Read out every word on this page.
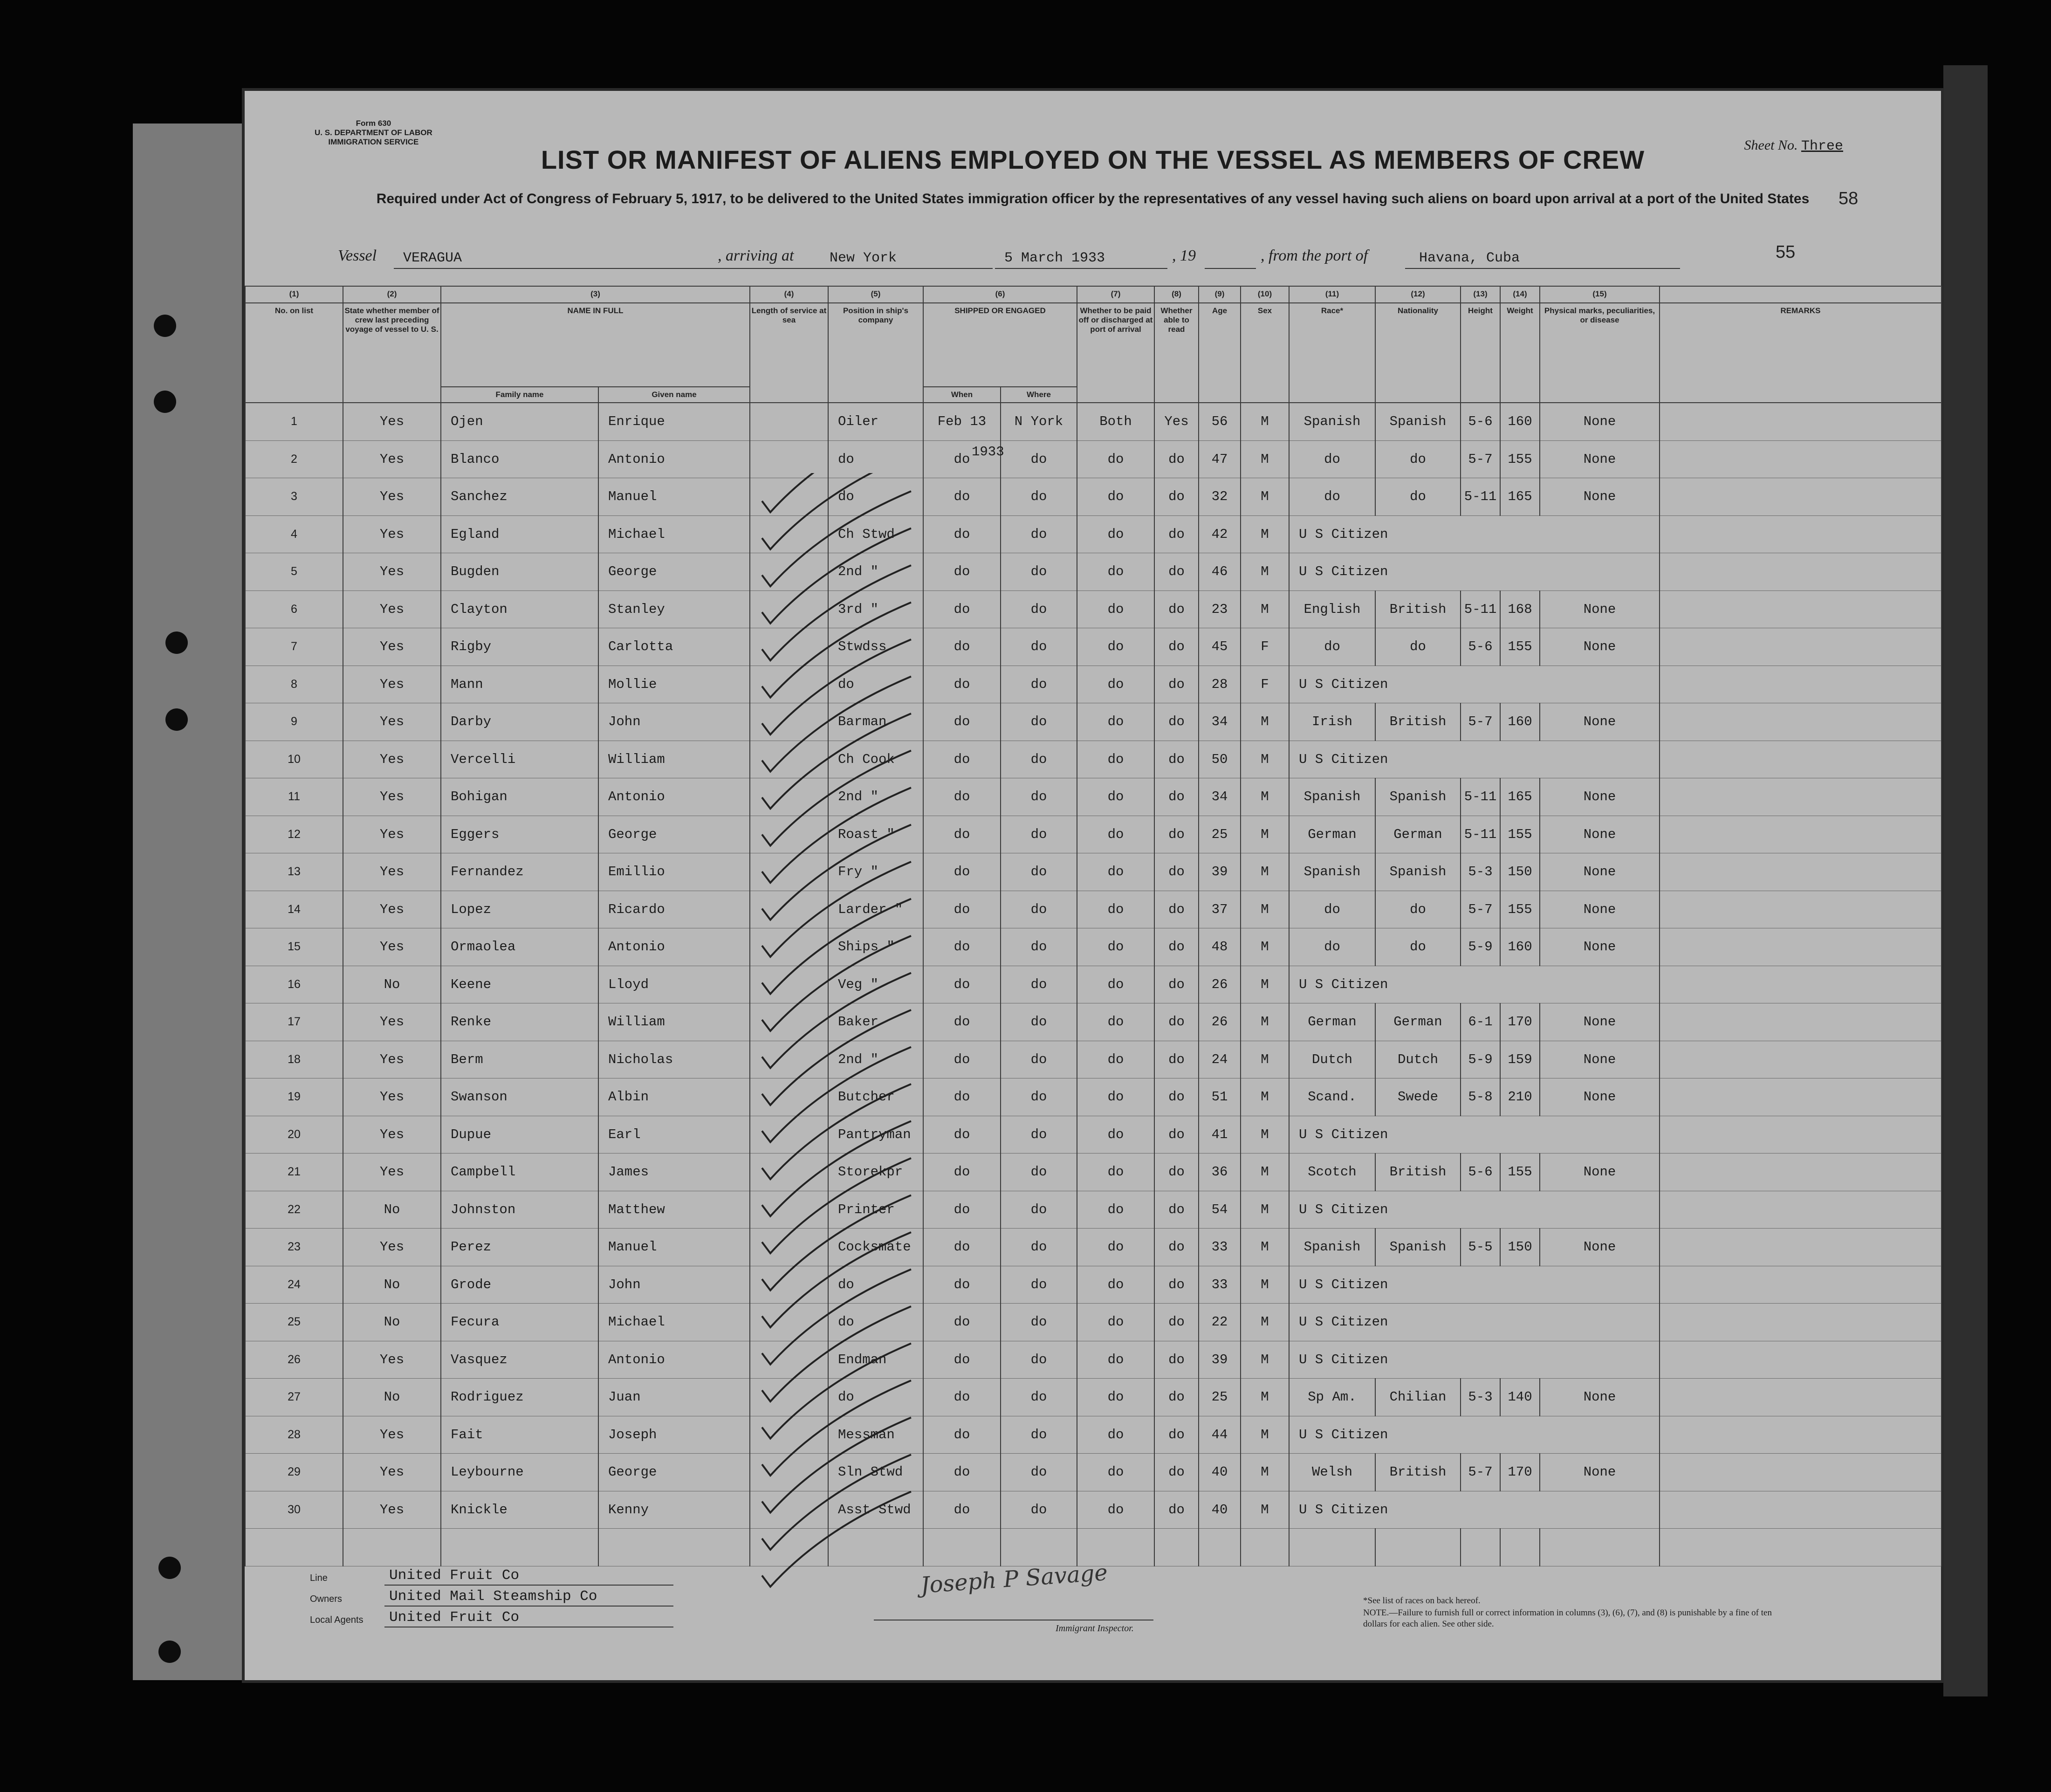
Form 630
U. S. DEPARTMENT OF LABOR
IMMIGRATION SERVICE	Sheet No. Three
58
55
LIST OR MANIFEST OF ALIENS EMPLOYED ON THE VESSEL AS MEMBERS OF CREW
Required under Act of Congress of February 5, 1917, to be delivered to the United States immigration officer by the representatives of any vessel having such aliens on board upon arrival at a port of the United States
Vessel VERAGUA	, arriving at	New York	5 March 1933	, 19	, from the port of	Havana, Cuba
(1)	(2)	(3)		(4)	(5)	(6)		(7)	(8)	(9)	(10)	(11)	(12)	(13)	(14)	(15)	
No. on list	State whether member of crew last preceding voyage of vessel to U. S.	NAME IN FULL		Length of service at sea	Position in ship's company	SHIPPED OR ENGAGED		Whether to be paid off or discharged at port of arrival	Whether able to read	Age	Sex	Race*	Nationality	Height	Weight	Physical marks, peculiarities, or disease	REMARKS
		Family name	Given name			When	Where										
1	Yes	Ojen	Enrique		Oiler	Feb 13	N York	Both	Yes	56	M	Spanish	Spanish	5-6	160	None	
2	Yes	Blanco	Antonio		do	do	do	do	do	47	M	do	do	5-7	155	None	
3	Yes	Sanchez	Manuel		do	do	do	do	do	32	M	do	do	5-11	165	None	
4	Yes	Egland	Michael		Ch Stwd	do	do	do	do	42	M	U S Citizen					
5	Yes	Bugden	George		2nd "	do	do	do	do	46	M	U S Citizen					
6	Yes	Clayton	Stanley		3rd "	do	do	do	do	23	M	English	British	5-11	168	None	
7	Yes	Rigby	Carlotta		Stwdss	do	do	do	do	45	F	do	do	5-6	155	None	
8	Yes	Mann	Mollie		do	do	do	do	do	28	F	U S Citizen					
9	Yes	Darby	John		Barman	do	do	do	do	34	M	Irish	British	5-7	160	None	
10	Yes	Vercelli	William		Ch Cook	do	do	do	do	50	M	U S Citizen					
11	Yes	Bohigan	Antonio		2nd "	do	do	do	do	34	M	Spanish	Spanish	5-11	165	None	
12	Yes	Eggers	George		Roast "	do	do	do	do	25	M	German	German	5-11	155	None	
13	Yes	Fernandez	Emillio		Fry "	do	do	do	do	39	M	Spanish	Spanish	5-3	150	None	
14	Yes	Lopez	Ricardo		Larder "	do	do	do	do	37	M	do	do	5-7	155	None	
15	Yes	Ormaolea	Antonio		Ships "	do	do	do	do	48	M	do	do	5-9	160	None	
16	No	Keene	Lloyd		Veg "	do	do	do	do	26	M	U S Citizen					
17	Yes	Renke	William		Baker	do	do	do	do	26	M	German	German	6-1	170	None	
18	Yes	Berm	Nicholas		2nd "	do	do	do	do	24	M	Dutch	Dutch	5-9	159	None	
19	Yes	Swanson	Albin		Butcher	do	do	do	do	51	M	Scand.	Swede	5-8	210	None	
20	Yes	Dupue	Earl		Pantryman	do	do	do	do	41	M	U S Citizen					
21	Yes	Campbell	James		Storekpr	do	do	do	do	36	M	Scotch	British	5-6	155	None	
22	No	Johnston	Matthew		Printer	do	do	do	do	54	M	U S Citizen					
23	Yes	Perez	Manuel		Cocksmate	do	do	do	do	33	M	Spanish	Spanish	5-5	150	None	
24	No	Grode	John		do	do	do	do	do	33	M	U S Citizen					
25	No	Fecura	Michael		do	do	do	do	do	22	M	U S Citizen					
26	Yes	Vasquez	Antonio		Endman	do	do	do	do	39	M	U S Citizen					
27	No	Rodriguez	Juan		do	do	do	do	do	25	M	Sp Am.	Chilian	5-3	140	None	
28	Yes	Fait	Joseph		Messman	do	do	do	do	44	M	U S Citizen					
29	Yes	Leybourne	George		Sln Stwd	do	do	do	do	40	M	Welsh	British	5-7	170	None	
30	Yes	Knickle	Kenny		Asst Stwd	do	do	do	do	40	M	U S Citizen					

1933
Line	United Fruit Co
Owners	United Mail Steamship Co
Local Agents United Fruit Co
Joseph P Savage
Immigrant Inspector.
*See list of races on back hereof.
NOTE.—Failure to furnish full or correct information in columns (3), (6), (7), and (8) is punishable by a fine of ten dollars for each alien. See other side.
